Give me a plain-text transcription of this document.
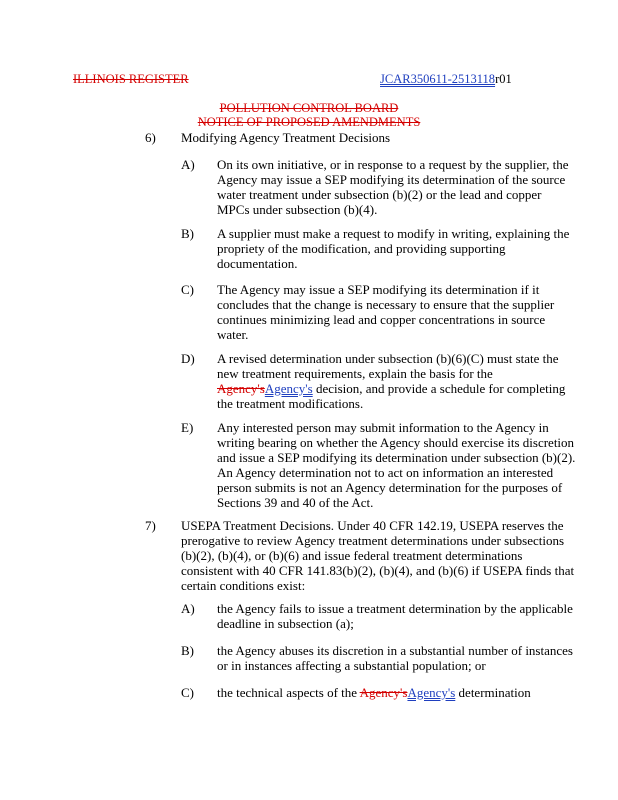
ILLINOIS REGISTER	JCAR350611-2513118r01
POLLUTION CONTROL BOARD
NOTICE OF PROPOSED AMENDMENTS
6) Modifying Agency Treatment Decisions
A) On its own initiative, or in response to a request by the supplier, the Agency may issue a SEP modifying its determination of the source water treatment under subsection (b)(2) or the lead and copper MPCs under subsection (b)(4).
B) A supplier must make a request to modify in writing, explaining the propriety of the modification, and providing supporting documentation.
C) The Agency may issue a SEP modifying its determination if it concludes that the change is necessary to ensure that the supplier continues minimizing lead and copper concentrations in source water.
D) A revised determination under subsection (b)(6)(C) must state the new treatment requirements, explain the basis for the Agency'sAgency's decision, and provide a schedule for completing the treatment modifications.
E) Any interested person may submit information to the Agency in writing bearing on whether the Agency should exercise its discretion and issue a SEP modifying its determination under subsection (b)(2). An Agency determination not to act on information an interested person submits is not an Agency determination for the purposes of Sections 39 and 40 of the Act.
7) USEPA Treatment Decisions. Under 40 CFR 142.19, USEPA reserves the prerogative to review Agency treatment determinations under subsections (b)(2), (b)(4), or (b)(6) and issue federal treatment determinations consistent with 40 CFR 141.83(b)(2), (b)(4), and (b)(6) if USEPA finds that certain conditions exist:
A) the Agency fails to issue a treatment determination by the applicable deadline in subsection (a);
B) the Agency abuses its discretion in a substantial number of instances or in instances affecting a substantial population; or
C) the technical aspects of the Agency'sAgency's determination
